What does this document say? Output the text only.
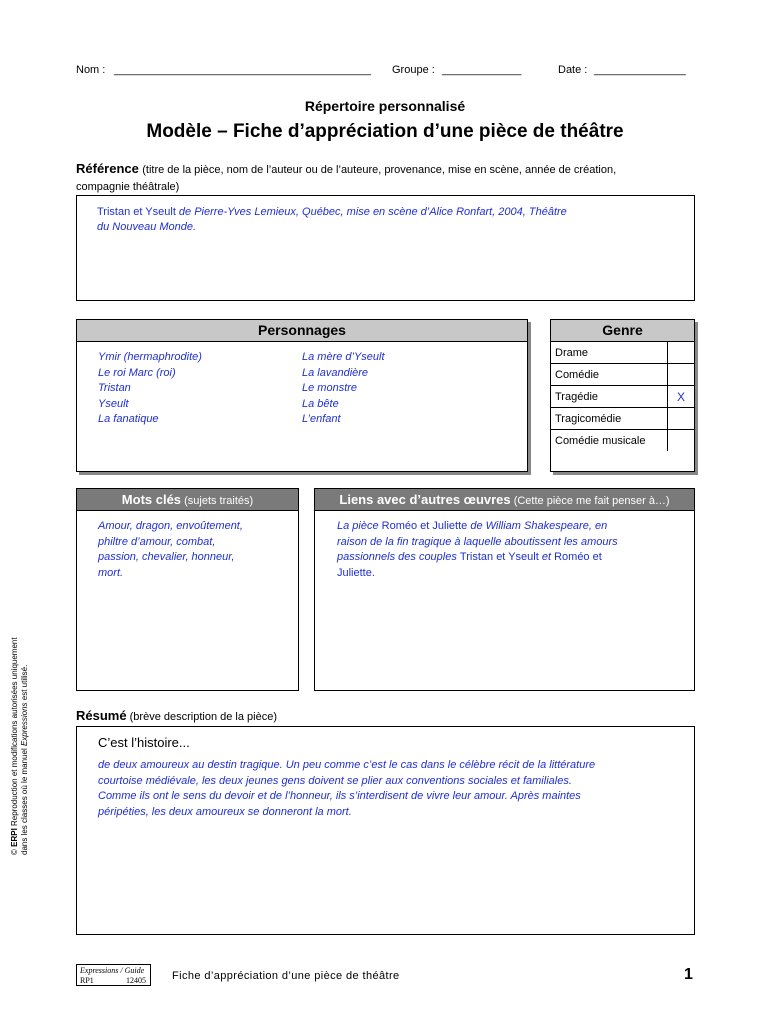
Nom : __________________________________________ Groupe : _____________	Date : _______________
Répertoire personnalisé
Modèle – Fiche d’appréciation d’une pièce de théâtre
Référence (titre de la pièce, nom de l’auteur ou de l’auteure, provenance, mise en scène, année de création,
compagnie théâtrale)
Tristan et Yseult de Pierre-Yves Lemieux, Québec, mise en scène d’Alice Ronfart, 2004, Théâtre
du Nouveau Monde.
Personnages
Ymir (hermaphrodite)
Le roi Marc (roi)
Tristan
Yseult
La fanatique
La mère d’Yseult
La lavandière
Le monstre
La bête
L’enfant
Genre
Drame	
Comédie	
Tragédie	X
Tragicomédie	
Comédie musicale	
Mots clés (sujets traités)
Amour, dragon, envoûtement,
philtre d’amour, combat,
passion, chevalier, honneur,
mort.
Liens avec d’autres œuvres (Cette pièce me fait penser à…)
La pièce Roméo et Juliette de William Shakespeare, en
raison de la fin tragique à laquelle aboutissent les amours
passionnels des couples Tristan et Yseult et Roméo et
Juliette.
Résumé (brève description de la pièce)
C’est l’histoire...
de deux amoureux au destin tragique. Un peu comme c’est le cas dans le célèbre récit de la littérature
courtoise médiévale, les deux jeunes gens doivent se plier aux conventions sociales et familiales.
Comme ils ont le sens du devoir et de l’honneur, ils s’interdisent de vivre leur amour. Après maintes
péripéties, les deux amoureux se donneront la mort.
© ERPI Reproduction et modifications autorisées uniquement
dans les classes où le manuel Expressions est utilisé.
Expressions / Guide
RP1	12405 Fiche d’appréciation d’une pièce de théâtre	1
